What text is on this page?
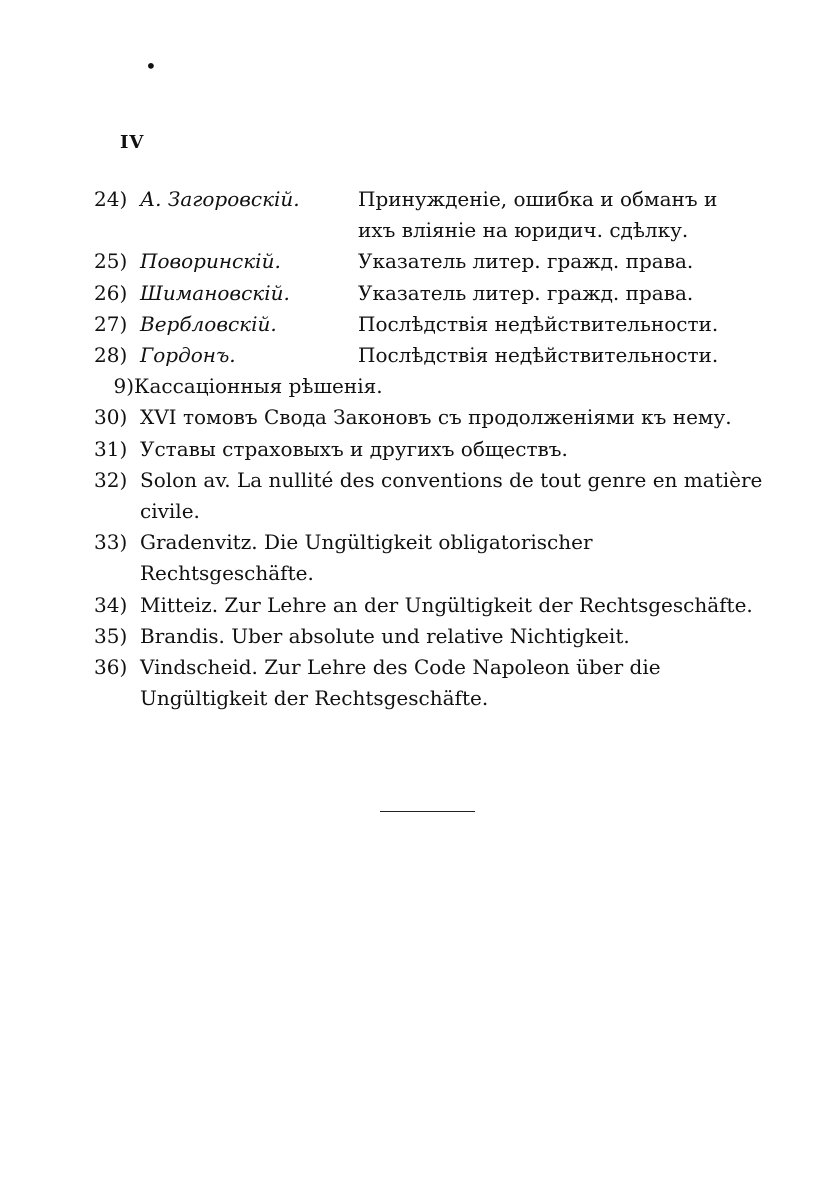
•
IV
24) А. Загоровскій.	Принужденіе, ошибка и обманъ и ихъ вліяніе на юридич. сдѣлку.
25) Поворинскій.	Указатель литер. гражд. права.
26) Шимановскій.	Указатель литер. гражд. права.
27) Вербловскій.	Послѣдствія недѣйствительности.
28) Гордонъ.	Послѣдствія недѣйствительности.
9)Кассаціонныя рѣшенія.
30) XVI томовъ Свода Законовъ съ продолженіями къ нему.
31) Уставы страховыхъ и другихъ обществъ.
32) Solon av. La nullité des conventions de tout genre en matière civile.
33) Gradenvitz. Die Ungültigkeit obligatorischer Rechtsgeschäfte.
34) Mitteiz. Zur Lehre an der Ungültigkeit der Rechtsgeschäfte.
35) Brandis. Uber absolute und relative Nichtigkeit.
36) Vindscheid. Zur Lehre des Code Napoleon über die Ungültigkeit der Rechtsgeschäfte.
